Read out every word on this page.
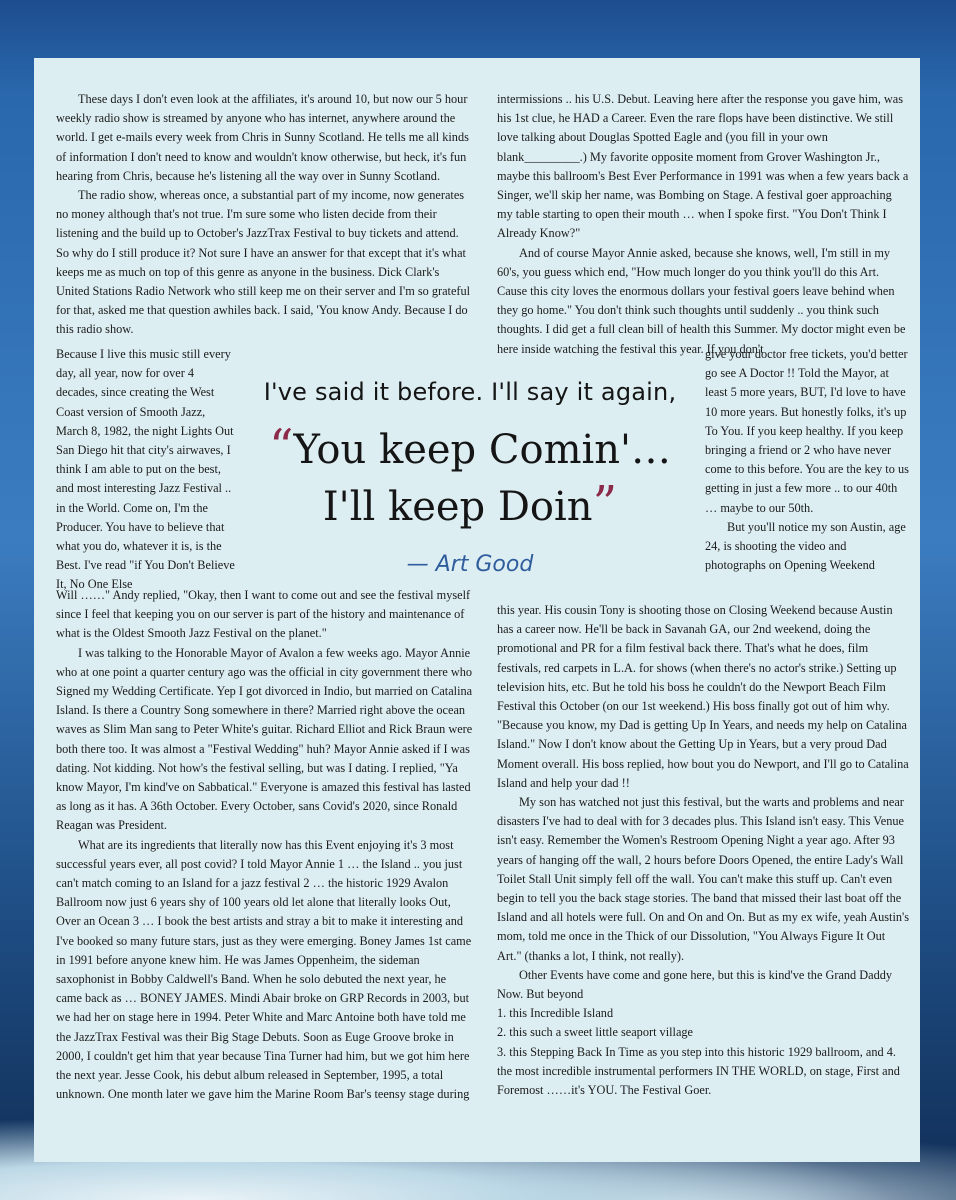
These days I don't even look at the affiliates, it's around 10, but now our 5 hour weekly radio show is streamed by anyone who has internet, anywhere around the world. I get e-mails every week from Chris in Sunny Scotland. He tells me all kinds of information I don't need to know and wouldn't know otherwise, but heck, it's fun hearing from Chris, because he's listening all the way over in Sunny Scotland.

The radio show, whereas once, a substantial part of my income, now generates no money although that's not true. I'm sure some who listen decide from their listening and the build up to October's JazzTrax Festival to buy tickets and attend. So why do I still produce it? Not sure I have an answer for that except that it's what keeps me as much on top of this genre as anyone in the business. Dick Clark's United Stations Radio Network who still keep me on their server and I'm so grateful for that, asked me that question awhiles back. I said, 'You know Andy. Because I do this radio show.

Because I live this music still every day, all year, now for over 4 decades, since creating the West Coast version of Smooth Jazz, March 8, 1982, the night Lights Out San Diego hit that city's airwaves, I think I am able to put on the best, and most interesting Jazz Festival .. in the World. Come on, I'm the Producer. You have to believe that what you do, whatever it is, is the Best. I've read "if You Don't Believe It, No One Else

Will ……" Andy replied, "Okay, then I want to come out and see the festival myself since I feel that keeping you on our server is part of the history and maintenance of what is the Oldest Smooth Jazz Festival on the planet."

I was talking to the Honorable Mayor of Avalon a few weeks ago. Mayor Annie who at one point a quarter century ago was the official in city government there who Signed my Wedding Certificate. Yep I got divorced in Indio, but married on Catalina Island. Is there a Country Song somewhere in there? Married right above the ocean waves as Slim Man sang to Peter White's guitar. Richard Elliot and Rick Braun were both there too. It was almost a "Festival Wedding" huh? Mayor Annie asked if I was dating. Not kidding. Not how's the festival selling, but was I dating. I replied, "Ya know Mayor, I'm kind've on Sabbatical." Everyone is amazed this festival has lasted as long as it has. A 36th October. Every October, sans Covid's 2020, since Ronald Reagan was President.

What are its ingredients that literally now has this Event enjoying it's 3 most successful years ever, all post covid? I told Mayor Annie 1 … the Island .. you just can't match coming to an Island for a jazz festival 2 … the historic 1929 Avalon Ballroom now just 6 years shy of 100 years old let alone that literally looks Out, Over an Ocean 3 … I book the best artists and stray a bit to make it interesting and I've booked so many future stars, just as they were emerging. Boney James 1st came in 1991 before anyone knew him. He was James Oppenheim, the sideman saxophonist in Bobby Caldwell's Band. When he solo debuted the next year, he came back as … BONEY JAMES. Mindi Abair broke on GRP Records in 2003, but we had her on stage here in 1994. Peter White and Marc Antoine both have told me the JazzTrax Festival was their Big Stage Debuts. Soon as Euge Groove broke in 2000, I couldn't get him that year because Tina Turner had him, but we got him here the next year. Jesse Cook, his debut album released in September, 1995, a total unknown. One month later we gave him the Marine Room Bar's teensy stage during

intermissions .. his U.S. Debut. Leaving here after the response you gave him, was his 1st clue, he HAD a Career. Even the rare flops have been distinctive. We still love talking about Douglas Spotted Eagle and (you fill in your own blank_________.) My favorite opposite moment from Grover Washington Jr., maybe this ballroom's Best Ever Performance in 1991 was when a few years back a Singer, we'll skip her name, was Bombing on Stage. A festival goer approaching my table starting to open their mouth … when I spoke first. "You Don't Think I Already Know?"

And of course Mayor Annie asked, because she knows, well, I'm still in my 60's, you guess which end, "How much longer do you think you'll do this Art. Cause this city loves the enormous dollars your festival goers leave behind when they go home." You don't think such thoughts until suddenly .. you think such thoughts. I did get a full clean bill of health this Summer. My doctor might even be here inside watching the festival this year. If you don't

give your doctor free tickets, you'd better go see A Doctor !! Told the Mayor, at least 5 more years, BUT, I'd love to have 10 more years. But honestly folks, it's up To You. If you keep healthy. If you keep bringing a friend or 2 who have never come to this before. You are the key to us getting in just a few more .. to our 40th … maybe to our 50th.

But you'll notice my son Austin, age 24, is shooting the video and photographs on Opening Weekend

this year. His cousin Tony is shooting those on Closing Weekend because Austin has a career now. He'll be back in Savanah GA, our 2nd weekend, doing the promotional and PR for a film festival back there. That's what he does, film festivals, red carpets in L.A. for shows (when there's no actor's strike.) Setting up television hits, etc. But he told his boss he couldn't do the Newport Beach Film Festival this October (on our 1st weekend.) His boss finally got out of him why. "Because you know, my Dad is getting Up In Years, and needs my help on Catalina Island." Now I don't know about the Getting Up in Years, but a very proud Dad Moment overall. His boss replied, how bout you do Newport, and I'll go to Catalina Island and help your dad !!

My son has watched not just this festival, but the warts and problems and near disasters I've had to deal with for 3 decades plus. This Island isn't easy. This Venue isn't easy. Remember the Women's Restroom Opening Night a year ago. After 93 years of hanging off the wall, 2 hours before Doors Opened, the entire Lady's Wall Toilet Stall Unit simply fell off the wall. You can't make this stuff up. Can't even begin to tell you the back stage stories. The band that missed their last boat off the Island and all hotels were full. On and On and On. But as my ex wife, yeah Austin's mom, told me once in the Thick of our Dissolution, "You Always Figure It Out Art." (thanks a lot, I think, not really).

Other Events have come and gone here, but this is kind've the Grand Daddy Now. But beyond

1. this Incredible Island

2. this such a sweet little seaport village

3. this Stepping Back In Time as you step into this historic 1929 ballroom, and 4. the most incredible instrumental performers IN THE WORLD, on stage, First and Foremost ……it's YOU. The Festival Goer.

I've said it before. I'll say it again,
“You keep Comin'…
I'll keep Doin”
— Art Good
